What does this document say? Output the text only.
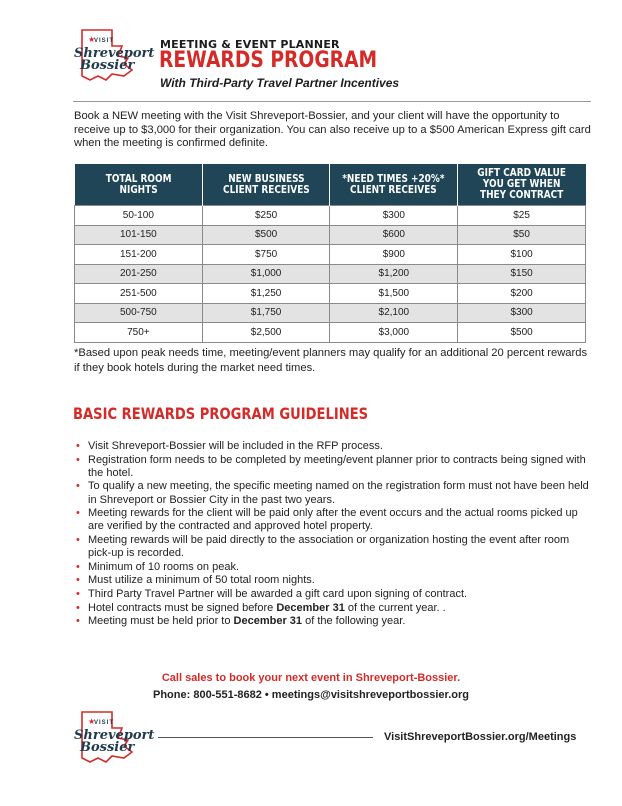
★
VISIT
Shreveport
Bossier
MEETING & EVENT PLANNER
REWARDS PROGRAM
With Third-Party Travel Partner Incentives

Book a NEW meeting with the Visit Shreveport-Bossier, and your client will have the opportunity to receive up to $3,000 for their organization. You can also receive up to a $500 American Express gift card when the meeting is confirmed definite.

TOTAL ROOM NIGHTS	NEW BUSINESS CLIENT RECEIVES	*NEED TIMES +20%* CLIENT RECEIVES	GIFT CARD VALUE YOU GET WHEN THEY CONTRACT
50-100	$250	$300	$25
101-150	$500	$600	$50
151-200	$750	$900	$100
201-250	$1,000	$1,200	$150
251-500	$1,250	$1,500	$200
500-750	$1,750	$2,100	$300
750+	$2,500	$3,000	$500

*Based upon peak needs time, meeting/event planners may qualify for an additional 20 percent rewards if they book hotels during the market need times.

BASIC REWARDS PROGRAM GUIDELINES
• Visit Shreveport-Bossier will be included in the RFP process.
• Registration form needs to be completed by meeting/event planner prior to contracts being signed with the hotel.
• To qualify a new meeting, the specific meeting named on the registration form must not have been held in Shreveport or Bossier City in the past two years.
• Meeting rewards for the client will be paid only after the event occurs and the actual rooms picked up are verified by the contracted and approved hotel property.
• Meeting rewards will be paid directly to the association or organization hosting the event after room pick-up is recorded.
• Minimum of 10 rooms on peak.
• Must utilize a minimum of 50 total room nights.
• Third Party Travel Partner will be awarded a gift card upon signing of contract.
• Hotel contracts must be signed before December 31 of the current year. .
• Meeting must be held prior to December 31 of the following year.
Call sales to book your next event in Shreveport-Bossier.
Phone: 800-551-8682 • meetings@visitshreveportbossier.org
★
VISIT
Shreveport
Bossier
VisitShreveportBossier.org/Meetings
